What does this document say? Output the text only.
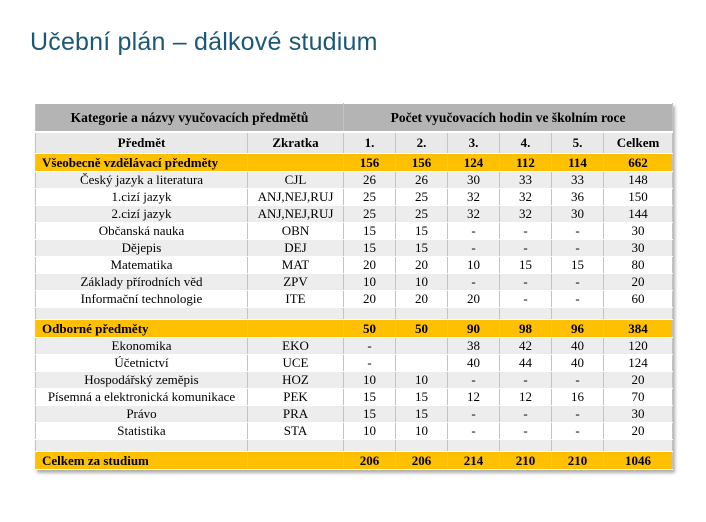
Učební plán – dálkové studium
Kategorie a názvy vyučovacích předmětů		Počet vyučovacích hodin ve školním roce					
Předmět	Zkratka	1.	2.	3.	4.	5.	Celkem
Všeobecně vzdělávací předměty		156	156	124	112	114	662
Český jazyk a literatura	CJL	26	26	30	33	33	148
1.cizí jazyk	ANJ,NEJ,RUJ	25	25	32	32	36	150
2.cizí jazyk	ANJ,NEJ,RUJ	25	25	32	32	30	144
Občanská nauka	OBN	15	15	-	-	-	30
Dějepis	DEJ	15	15	-	-	-	30
Matematika	MAT	20	20	10	15	15	80
Základy přírodních věd	ZPV	10	10	-	-	-	20
Informační technologie	ITE	20	20	20	-	-	60

Odborné předměty		50	50	90	98	96	384
Ekonomika	EKO	-		38	42	40	120
Účetnictví	UCE	-		40	44	40	124
Hospodářský zeměpis	HOZ	10	10	-	-	-	20
Písemná a elektronická komunikace	PEK	15	15	12	12	16	70
Právo	PRA	15	15	-	-	-	30
Statistika	STA	10	10	-	-	-	20

Celkem za studium		206	206	214	210	210	1046
